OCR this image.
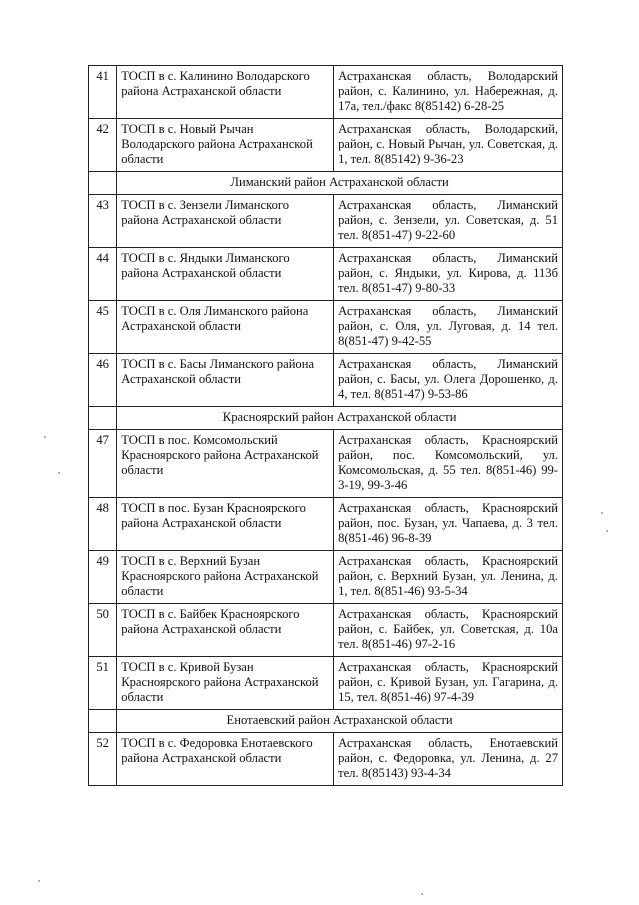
41	ТОСП в с. Калинино Володарского района Астраханской области	Астраханская область, Володарский район, с. Калинино, ул. Набережная, д. 17а, тел./факс 8(85142) 6-28-25
42	ТОСП в с. Новый Рычан Володарского района Астраханской области	Астраханская область, Володарский, район, с. Новый Рычан, ул. Советская, д. 1, тел. 8(85142) 9-36-23
	Лиманский район Астраханской области	
43	ТОСП в с. Зензели Лиманского района Астраханской области	Астраханская область, Лиманский район, с. Зензели, ул. Советская, д. 51 тел. 8(851-47) 9-22-60
44	ТОСП в с. Яндыки Лиманского района Астраханской области	Астраханская область, Лиманский район, с. Яндыки, ул. Кирова, д. 113б тел. 8(851-47) 9-80-33
45	ТОСП в с. Оля Лиманского района Астраханской области	Астраханская область, Лиманский район, с. Оля, ул. Луговая, д. 14 тел. 8(851-47) 9-42-55
46	ТОСП в с. Басы Лиманского района Астраханской области	Астраханская область, Лиманский район, с. Басы, ул. Олега Дорошенко, д. 4, тел. 8(851-47) 9-53-86
	Красноярский район Астраханской области	
47	ТОСП в пос. Комсомольский Красноярского района Астраханской области	Астраханская область, Красноярский район, пос. Комсомольский, ул. Комсомольская, д. 55 тел. 8(851-46) 99-3-19, 99-3-46
48	ТОСП в пос. Бузан Красноярского района Астраханской области	Астраханская область, Красноярский район, пос. Бузан, ул. Чапаева, д. 3 тел. 8(851-46) 96-8-39
49	ТОСП в с. Верхний Бузан Красноярского района Астраханской области	Астраханская область, Красноярский район, с. Верхний Бузан, ул. Ленина, д. 1, тел. 8(851-46) 93-5-34
50	ТОСП в с. Байбек Красноярского района Астраханской области	Астраханская область, Красноярский район, с. Байбек, ул. Советская, д. 10а тел. 8(851-46) 97-2-16
51	ТОСП в с. Кривой Бузан Красноярского района Астраханской области	Астраханская область, Красноярский район, с. Кривой Бузан, ул. Гагарина, д. 15, тел. 8(851-46) 97-4-39
	Енотаевский район Астраханской области	
52	ТОСП в с. Федоровка Енотаевского района Астраханской области	Астраханская область, Енотаевский район, с. Федоровка, ул. Ленина, д. 27 тел. 8(85143) 93-4-34
